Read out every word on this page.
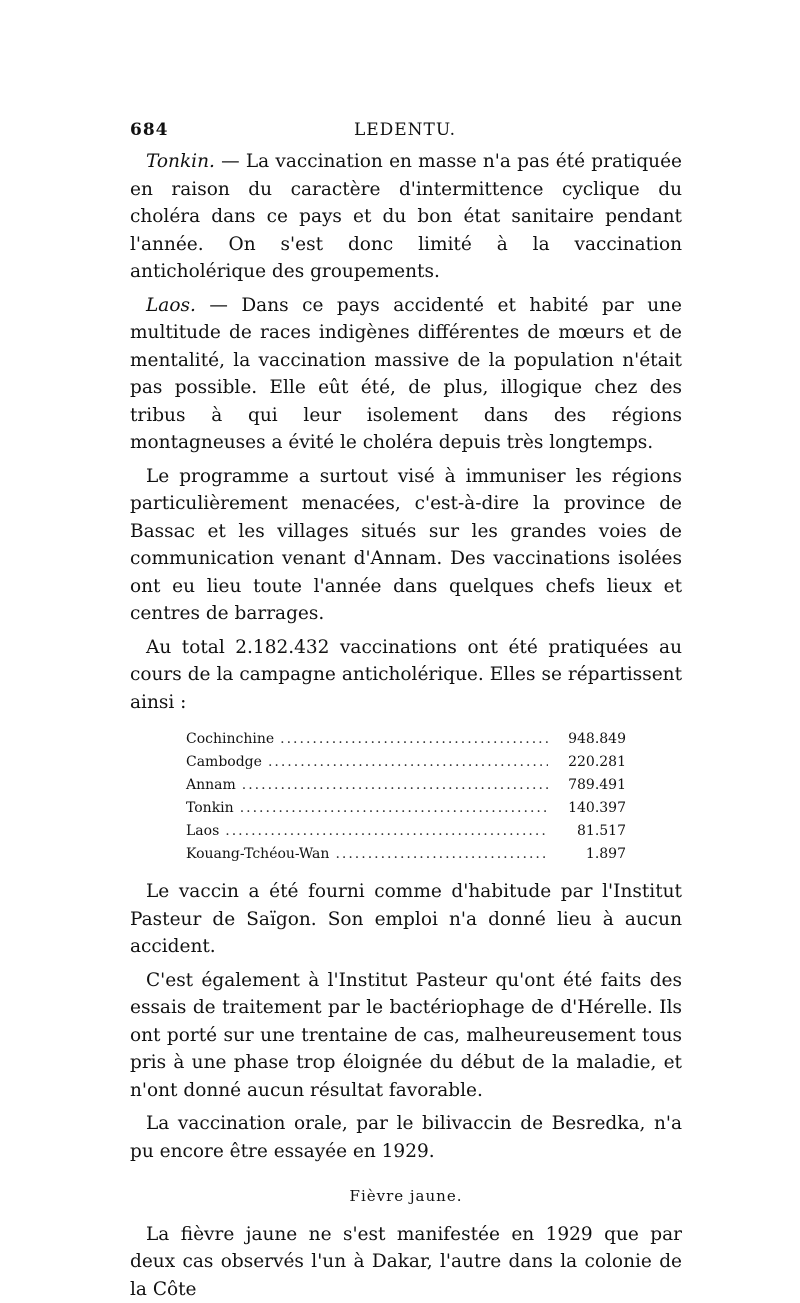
684	LEDENTU.

Tonkin. — La vaccination en masse n'a pas été pratiquée en raison du caractère d'intermittence cyclique du choléra dans ce pays et du bon état sanitaire pendant l'année. On s'est donc limité à la vaccination anticholérique des groupements.

Laos. — Dans ce pays accidenté et habité par une multitude de races indigènes différentes de mœurs et de mentalité, la vaccination massive de la population n'était pas possible. Elle eût été, de plus, illogique chez des tribus à qui leur isolement dans des régions montagneuses a évité le choléra depuis très longtemps.

Le programme a surtout visé à immuniser les régions particulièrement menacées, c'est-à-dire la province de Bassac et les villages situés sur les grandes voies de communication venant d'Annam. Des vaccinations isolées ont eu lieu toute l'année dans quelques chefs lieux et centres de barrages.

Au total 2.182.432 vaccinations ont été pratiquées au cours de la campagne anticholérique. Elles se répartissent ainsi :

Cochinchine .....	948.849
Cambodge .....	220.281
Annam .....	789.491
Tonkin .....	140.397
Laos .....	81.517
Kouang-Tchéou-Wan .....	1.897

Le vaccin a été fourni comme d'habitude par l'Institut Pasteur de Saïgon. Son emploi n'a donné lieu à aucun accident.

C'est également à l'Institut Pasteur qu'ont été faits des essais de traitement par le bactériophage de d'Hérelle. Ils ont porté sur une trentaine de cas, malheureusement tous pris à une phase trop éloignée du début de la maladie, et n'ont donné aucun résultat favorable.

La vaccination orale, par le bilivaccin de Besredka, n'a pu encore être essayée en 1929.

Fièvre jaune.

La fièvre jaune ne s'est manifestée en 1929 que par deux cas observés l'un à Dakar, l'autre dans la colonie de la Côte
